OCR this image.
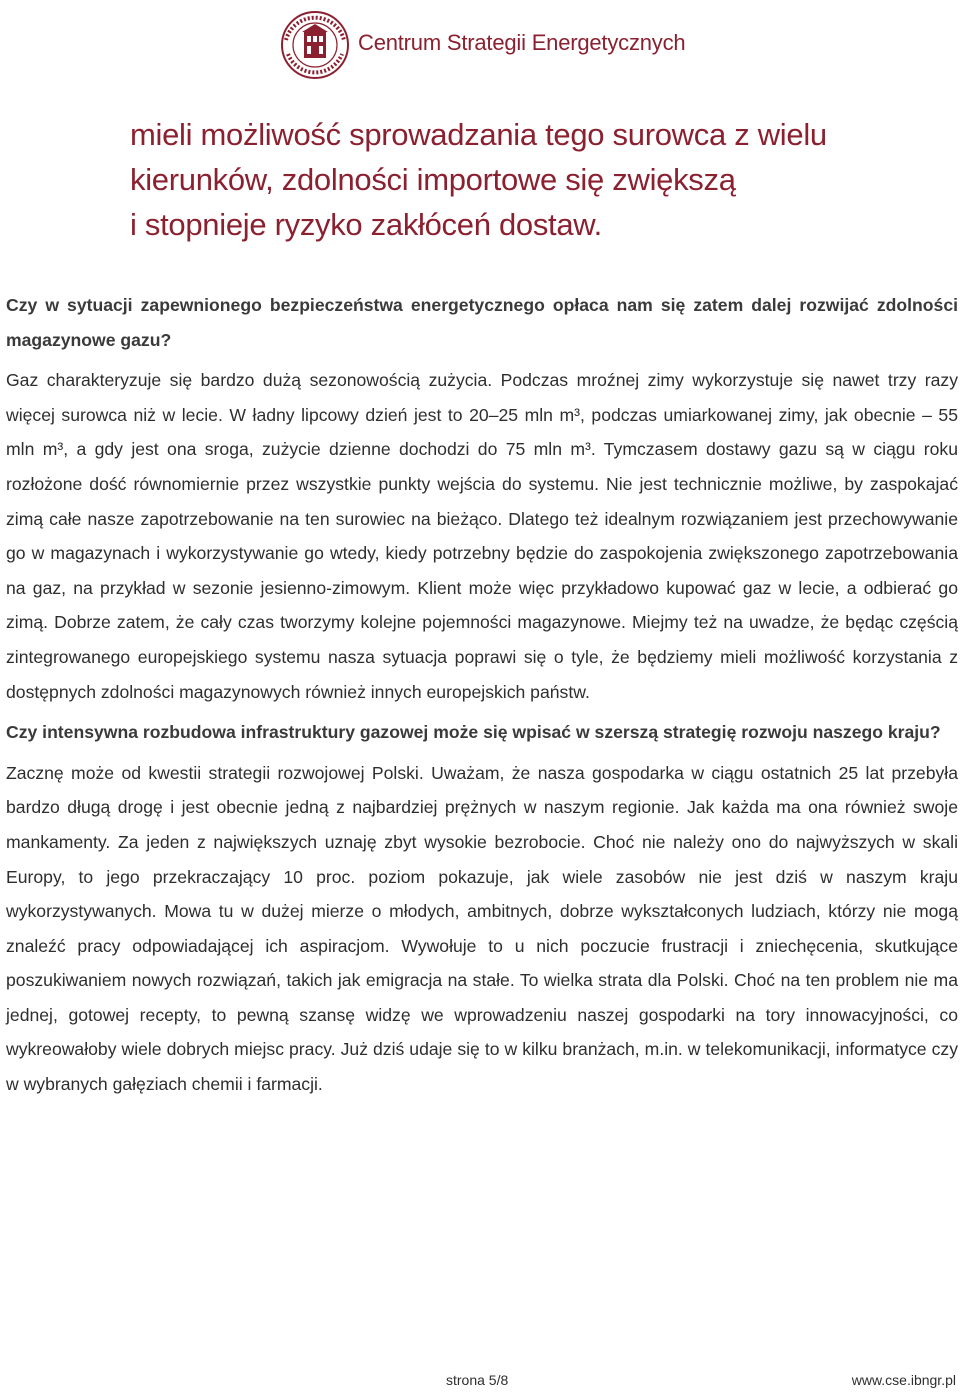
Centrum Strategii Energetycznych
mieli możliwość sprowadzania tego surowca z wielu
kierunków, zdolności importowe się zwiększą
i stopnieje ryzyko zakłóceń dostaw.

Czy w sytuacji zapewnionego bezpieczeństwa energetycznego opłaca nam się zatem dalej rozwijać zdolności magazynowe gazu?

Gaz charakteryzuje się bardzo dużą sezonowością zużycia. Podczas mroźnej zimy wykorzystuje się nawet trzy razy więcej surowca niż w lecie. W ładny lipcowy dzień jest to 20–25 mln m³, podczas umiarkowanej zimy, jak obecnie – 55 mln m³, a gdy jest ona sroga, zużycie dzienne dochodzi do 75 mln m³. Tymczasem dostawy gazu są w ciągu roku rozłożone dość równomiernie przez wszystkie punkty wejścia do systemu. Nie jest technicznie możliwe, by zaspokajać zimą całe nasze zapotrzebowanie na ten surowiec na bieżąco. Dlatego też idealnym rozwiązaniem jest przechowywanie go w magazynach i wykorzystywanie go wtedy, kiedy potrzebny będzie do zaspokojenia zwiększonego zapotrzebowania na gaz, na przykład w sezonie jesienno-zimowym. Klient może więc przykładowo kupować gaz w lecie, a odbierać go zimą. Dobrze zatem, że cały czas tworzymy kolejne pojemności magazynowe. Miejmy też na uwadze, że będąc częścią zintegrowanego europejskiego systemu nasza sytuacja poprawi się o tyle, że będziemy mieli możliwość korzystania z dostępnych zdolności magazynowych również innych europejskich państw.

Czy intensywna rozbudowa infrastruktury gazowej może się wpisać w szerszą strategię rozwoju naszego kraju?

Zacznę może od kwestii strategii rozwojowej Polski. Uważam, że nasza gospodarka w ciągu ostatnich 25 lat przebyła bardzo długą drogę i jest obecnie jedną z najbardziej prężnych w naszym regionie. Jak każda ma ona również swoje mankamenty. Za jeden z największych uznaję zbyt wysokie bezrobocie. Choć nie należy ono do najwyższych w skali Europy, to jego przekraczający 10 proc. poziom pokazuje, jak wiele zasobów nie jest dziś w naszym kraju wykorzystywanych. Mowa tu w dużej mierze o młodych, ambitnych, dobrze wykształconych ludziach, którzy nie mogą znaleźć pracy odpowiadającej ich aspiracjom. Wywołuje to u nich poczucie frustracji i zniechęcenia, skutkujące poszukiwaniem nowych rozwiązań, takich jak emigracja na stałe. To wielka strata dla Polski. Choć na ten problem nie ma jednej, gotowej recepty, to pewną szansę widzę we wprowadzeniu naszej gospodarki na tory innowacyjności, co wykreowałoby wiele dobrych miejsc pracy. Już dziś udaje się to w kilku branżach, m.in. w telekomunikacji, informatyce czy w wybranych gałęziach chemii i farmacji.

strona 5/8	www.cse.ibngr.pl
